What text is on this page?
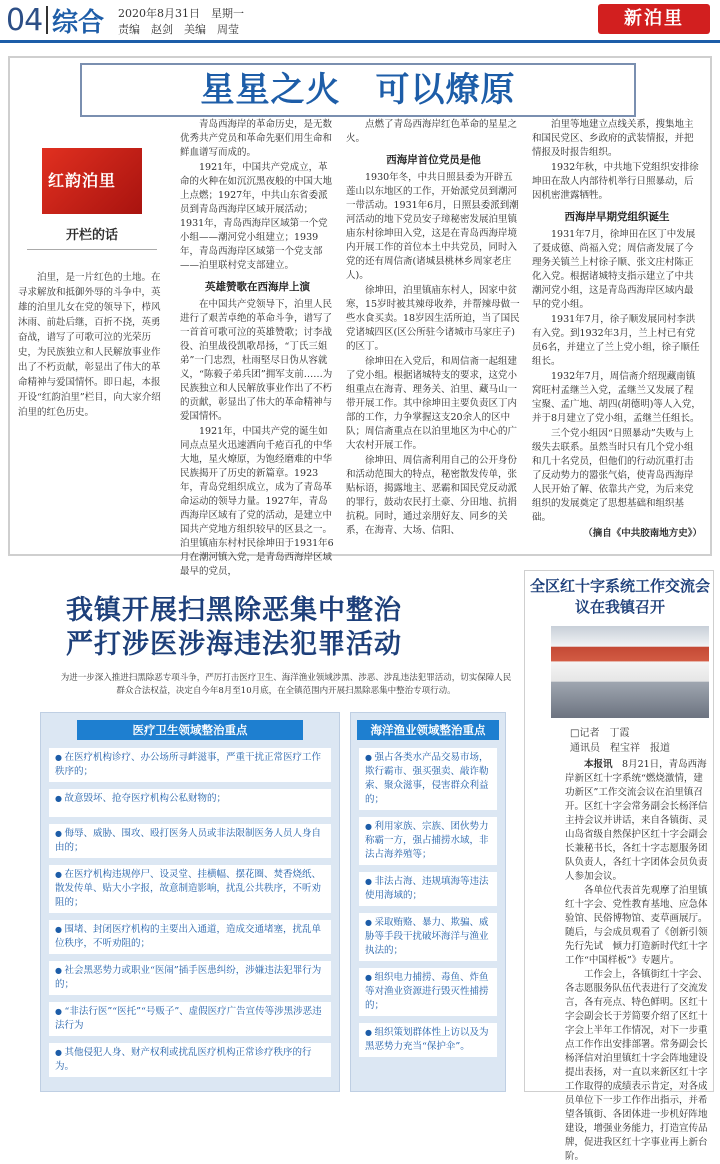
04 综合 2020年8月31日　星期一
责编　赵剑　美编　周莹
新泊里
星星之火　可以燎原
红韵泊里
开栏的话
泊里，是一片红色的土地。在寻求解放和抵御外辱的斗争中，英雄的泊里儿女在党的领导下，栉风沐雨、前赴后继，百折不挠，英勇奋战，谱写了可歌可泣的光荣历史，为民族独立和人民解放事业作出了不朽贡献，彰显出了伟大的革命精神与爱国情怀。即日起，本报开设“红韵泊里”栏目，向大家介绍泊里的红色历史。

青岛西海岸的革命历史，是无数优秀共产党员和革命先驱们用生命和鲜血谱写而成的。

1921年，中国共产党成立，革命的火种在如沉沉黑夜般的中国大地上点燃；1927年，中共山东省委派员到青岛西海岸区域开展活动；1931年，青岛西海岸区域第一个党小组——潮河党小组建立；1939年，青岛西海岸区域第一个党支部——泊里联村党支部建立。

英雄赞歌在西海岸上演

在中国共产党领导下，泊里人民进行了艰苦卓绝的革命斗争，谱写了一首首可歌可泣的英雄赞歌；讨李战役、泊里战役凯歌昂扬，“丁氏三姐弟”一门忠烈，杜雨堅尽日伪从容就义，“陈毅子弟兵团”拥军支前……为民族独立和人民解放事业作出了不朽的贡献，彰显出了伟大的革命精神与爱国情怀。

1921年，中国共产党的诞生如同点点星火迅速洒向千疮百孔的中华大地，星火燎原，为饱经磨难的中华民族揭开了历史的新篇章。1923年，青岛党组织成立，成为了青岛革命运动的领导力量。1927年，青岛西海岸区域有了党的活动，是建立中国共产党地方组织较早的区县之一。泊里镇庙东村村民徐坤田于1931年6月在潮河镇入党，是青岛西海岸区域最早的党员，

点燃了青岛西海岸红色革命的星星之火。

西海岸首位党员是他

1930年冬，中共日照县委为开辟五莲山以东地区的工作，开始派党员到潮河一带活动。1931年6月，日照县委派到潮河活动的地下党员安子璋秘密发展泊里镇庙东村徐坤田入党，这是在青岛西海岸境内开展工作的首位本土中共党员，同时入党的还有周信斋(诸城县桃林乡周家老庄人)。

徐坤田，泊里镇庙东村人，因家中贫寒，15岁时被其辣母收养，并帮辣母做一些水食买卖。18岁因生活所迫，当了国民党诸城四区(区公所驻今诸城市马家庄子)的区丁。

徐坤田在入党后，和周信斋一起组建了党小组。根据诸城特支的要求，这党小组重点在海青、理务关、泊里、藏马山一带开展工作。其中徐坤田主要负责区丁内部的工作，力争掌握这支20余人的区中队；周信斋重点在以泊里地区为中心的广大农村开展工作。

徐坤田、周信斋利用自己的公开身份和活动范围大的特点，秘密散发传单，张贴标语，揭露地主、恶霸和国民党反动派的罪行，鼓动农民打土豪、分田地、抗捐抗税。同时，通过亲朋好友、同乡的关系，在海青、大场、信阳、

泊里等地建立点线关系，搜集地主和国民党区、乡政府的武装情报，并把情报及时报告组织。

1932年秋，中共地下党组织安排徐坤田在敌人内部待机举行日照暴动，后因机密泄露牺牲。

西海岸早期党组织诞生

1931年7月，徐坤田在区丁中发展了聂成德、尚福入党；周信斋发展了今理务关镇兰上村徐子顺、张文庄村陈正化入党。根据诸城特支指示建立了中共潮河党小组，这是青岛西海岸区域内最早的党小组。

1931年7月，徐子顺发展同村李洪有入党。到1932年3月，兰上村已有党员6名，并建立了兰上党小组，徐子顺任组长。

1932年7月，周信斋介绍现藏南镇窝旺村孟继兰入党，孟继兰又发展了程宝聚、孟广地、胡四(胡德明)等人入党，并于8月建立了党小组，孟继兰任组长。

三个党小组因“日照暴动”失败与上级失去联系。虽然当时只有几个党小组和几十名党员，但他们的行动沉重打击了反动势力的嚣张气焰，使青岛西海岸人民开始了解、依靠共产党，为后来党组织的发展奠定了思想基础和组织基础。

（摘自《中共胶南地方史》）
我镇开展扫黑除恶集中整治
严打涉医涉海违法犯罪活动
为进一步深入推进扫黑除恶专项斗争，严厉打击医疗卫生、海洋渔业领域涉黑、涉恶、涉乱违法犯罪活动，切实保障人民群众合法权益，决定自今年8月至10月底，在全镇范围内开展扫黑除恶集中整治专项行动。
医疗卫生领域整治重点
● 在医疗机构诊疗、办公场所寻衅滋事，严重干扰正常医疗工作秩序的；
● 故意毁坏、抢夺医疗机构公私财物的；
● 侮辱、威胁、围攻、殴打医务人员或非法限制医务人员人身自由的；
● 在医疗机构违规停尸、设灵堂、挂横幅、摆花圈、焚香烧纸、散发传单、贴大小字报，故意制造影响，扰乱公共秩序，不听劝阻的；
● 围堵、封闭医疗机构的主要出入通道，造成交通堵塞，扰乱单位秩序，不听劝阻的；
● 社会黑恶势力或职业“医闹”插手医患纠纷，涉嫌违法犯罪行为的；
● “非法行医”“医托”“号贩子”、虚假医疗广告宣传等涉黑涉恶违法行为
● 其他侵犯人身、财产权利或扰乱医疗机构正常诊疗秩序的行为。
海洋渔业领域整治重点
● 强占各类水产品交易市场，欺行霸市、强买强卖、敲诈勒索、聚众滋事，侵害群众利益的；
● 利用家族、宗族、团伙势力称霸一方，强占捕捞水域，非法占海养殖等；
● 非法占海、违规填海等违法使用海域的；
● 采取贿赂、暴力、欺骗、威胁等手段干扰破坏海洋与渔业执法的；
● 组织电力捕捞、毒鱼、炸鱼等对渔业资源进行毁灭性捕捞的；
● 组织策划群体性上访以及为黑恶势力充当“保护伞”。
全区红十字系统工作交流会议在我镇召开
□记者　丁霞
通讯员　程宝祥　报道

本报讯　 8月21日，青岛西海岸新区红十字系统“燃烧激情，建功新区”工作交流会议在泊里镇召开。区红十字会常务副会长杨泽信主持会议并讲话，来自各镇街、灵山岛省级自然保护区红十字会副会长兼秘书长，各红十字志愿服务团队负责人，各红十字团体会员负责人参加会议。

各单位代表首先观摩了泊里镇红十字会、党性教育基地、应急体验馆、民俗博物馆、麦草画展厅。随后，与会成员观看了《创新引领　先行先试　倾力打造新时代红十字工作“中国样板”》专题片。

工作会上，各镇街红十字会、各志愿服务队伍代表进行了交流发言，各有亮点、特色鲜明。区红十字会副会长于芳简要介绍了区红十字会上半年工作情况，对下一步重点工作作出安排部署。常务副会长杨泽信对泊里镇红十字会阵地建设提出表扬，对一直以来新区红十字工作取得的成绩表示肯定，对各成员单位下一步工作作出指示，并希望各镇街、各团体进一步机好阵地建设，增强业务能力，打造宣传品牌，促进我区红十字事业再上新台阶。
